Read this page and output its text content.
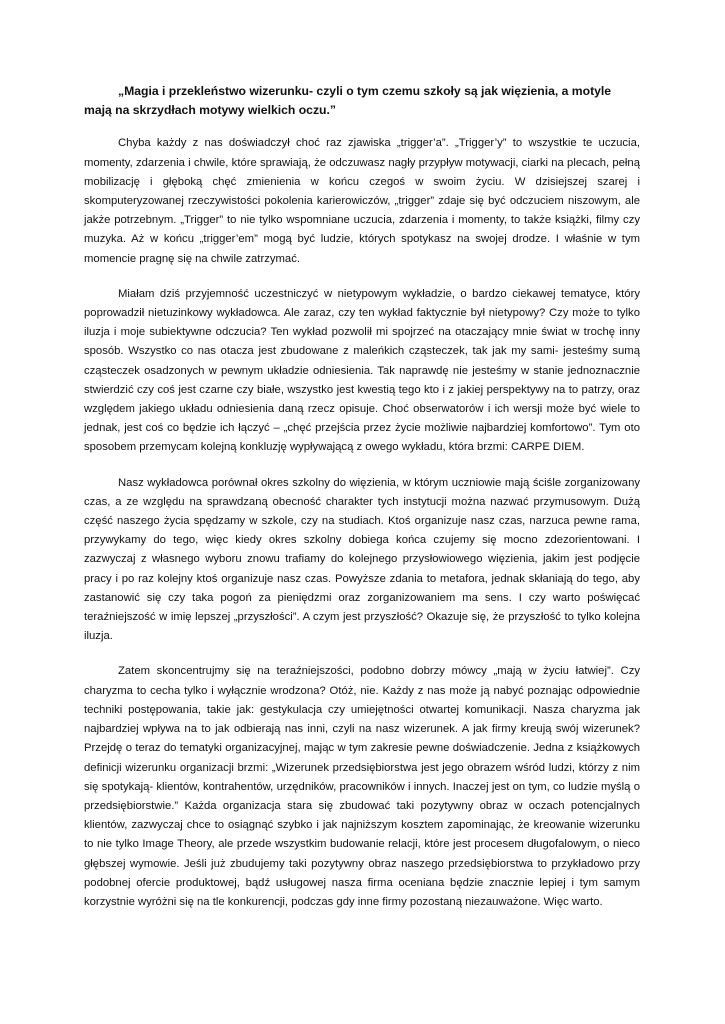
„Magia i przekleństwo wizerunku- czyli o tym czemu szkoły są jak więzienia, a motyle mają na skrzydłach motywy wielkich oczu.”

Chyba każdy z nas doświadczył choć raz zjawiska „trigger’a”. „Trigger’y” to wszystkie te uczucia, momenty, zdarzenia i chwile, które sprawiają, że odczuwasz nagły przypływ motywacji, ciarki na plecach, pełną mobilizację i głęboką chęć zmienienia w końcu czegoś w swoim życiu. W dzisiejszej szarej i skomputeryzowanej rzeczywistości pokolenia karierowiczów, „trigger” zdaje się być odczuciem niszowym, ale jakże potrzebnym. „Trigger” to nie tylko wspomniane uczucia, zdarzenia i momenty, to także książki, filmy czy muzyka. Aż w końcu „trigger’em” mogą być ludzie, których spotykasz na swojej drodze. I właśnie w tym momencie pragnę się na chwile zatrzymać.

Miałam dziś przyjemność uczestniczyć w nietypowym wykładzie, o bardzo ciekawej tematyce, który poprowadził nietuzinkowy wykładowca. Ale zaraz, czy ten wykład faktycznie był nietypowy? Czy może to tylko iluzja i moje subiektywne odczucia? Ten wykład pozwolił mi spojrzeć na otaczający mnie świat w trochę inny sposób. Wszystko co nas otacza jest zbudowane z maleńkich cząsteczek, tak jak my sami- jesteśmy sumą cząsteczek osadzonych w pewnym układzie odniesienia. Tak naprawdę nie jesteśmy w stanie jednoznacznie stwierdzić czy coś jest czarne czy białe, wszystko jest kwestią tego kto i z jakiej perspektywy na to patrzy, oraz względem jakiego układu odniesienia daną rzecz opisuje. Choć obserwatorów i ich wersji może być wiele to jednak, jest coś co będzie ich łączyć – „chęć przejścia przez życie możliwie najbardziej komfortowo”. Tym oto sposobem przemycam kolejną konkluzję wypływającą z owego wykładu, która brzmi: CARPE DIEM.

Nasz wykładowca porównał okres szkolny do więzienia, w którym uczniowie mają ściśle zorganizowany czas, a ze względu na sprawdzaną obecność charakter tych instytucji można nazwać przymusowym. Dużą część naszego życia spędzamy w szkole, czy na studiach. Ktoś organizuje nasz czas, narzuca pewne rama, przywykamy do tego, więc kiedy okres szkolny dobiega końca czujemy się mocno zdezorientowani. I zazwyczaj z własnego wyboru znowu trafiamy do kolejnego przysłowiowego więzienia, jakim jest podjęcie pracy i po raz kolejny ktoś organizuje nasz czas. Powyższe zdania to metafora, jednak skłaniają do tego, aby zastanowić się czy taka pogoń za pieniędzmi oraz zorganizowaniem ma sens. I czy warto poświęcać teraźniejszość w imię lepszej „przyszłości”. A czym jest przyszłość? Okazuje się, że przyszłość to tylko kolejna iluzja.

Zatem skoncentrujmy się na teraźniejszości, podobno dobrzy mówcy „mają w życiu łatwiej”. Czy charyzma to cecha tylko i wyłącznie wrodzona? Otóż, nie. Każdy z nas może ją nabyć poznając odpowiednie techniki postępowania, takie jak: gestykulacja czy umiejętności otwartej komunikacji. Nasza charyzma jak najbardziej wpływa na to jak odbierają nas inni, czyli na nasz wizerunek. A jak firmy kreują swój wizerunek? Przejdę o teraz do tematyki organizacyjnej, mając w tym zakresie pewne doświadczenie. Jedna z książkowych definicji wizerunku organizacji brzmi: „Wizerunek przedsiębiorstwa jest jego obrazem wśród ludzi, którzy z nim się spotykają- klientów, kontrahentów, urzędników, pracowników i innych. Inaczej jest on tym, co ludzie myślą o przedsiębiorstwie.” Każda organizacja stara się zbudować taki pozytywny obraz w oczach potencjalnych klientów, zazwyczaj chce to osiągnąć szybko i jak najniższym kosztem zapominając, że kreowanie wizerunku to nie tylko Image Theory, ale przede wszystkim budowanie relacji, które jest procesem długofalowym, o nieco głębszej wymowie. Jeśli już zbudujemy taki pozytywny obraz naszego przedsiębiorstwa to przykładowo przy podobnej ofercie produktowej, bądź usługowej nasza firma oceniana będzie znacznie lepiej i tym samym korzystnie wyróżni się na tle konkurencji, podczas gdy inne firmy pozostaną niezauważone. Więc warto.
